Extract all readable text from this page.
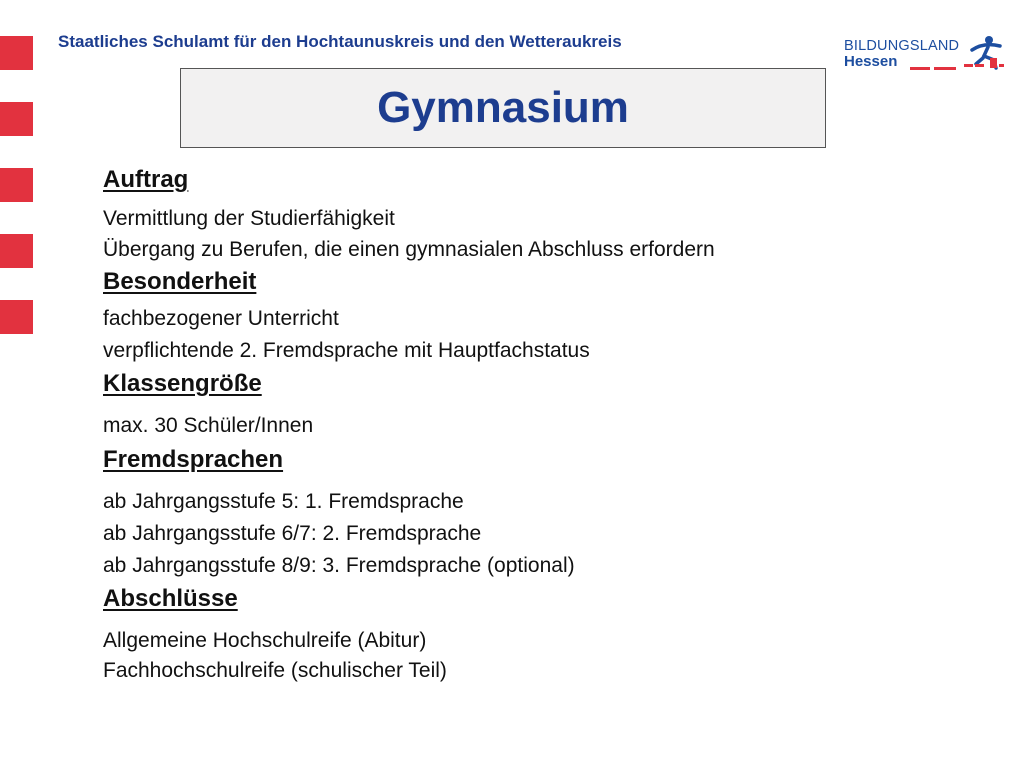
Staatliches Schulamt für den Hochtaunuskreis und den Wetteraukreis	BILDUNGSLAND
Hessen
Gymnasium
Auftrag
Vermittlung der Studierfähigkeit
Übergang zu Berufen, die einen gymnasialen Abschluss erfordern
Besonderheit
fachbezogener Unterricht
verpflichtende 2. Fremdsprache mit Hauptfachstatus
Klassengröße
max. 30 Schüler/Innen
Fremdsprachen
ab Jahrgangsstufe 5: 1. Fremdsprache
ab Jahrgangsstufe 6/7: 2. Fremdsprache
ab Jahrgangsstufe 8/9: 3. Fremdsprache (optional)
Abschlüsse
Allgemeine Hochschulreife (Abitur)
Fachhochschulreife (schulischer Teil)
